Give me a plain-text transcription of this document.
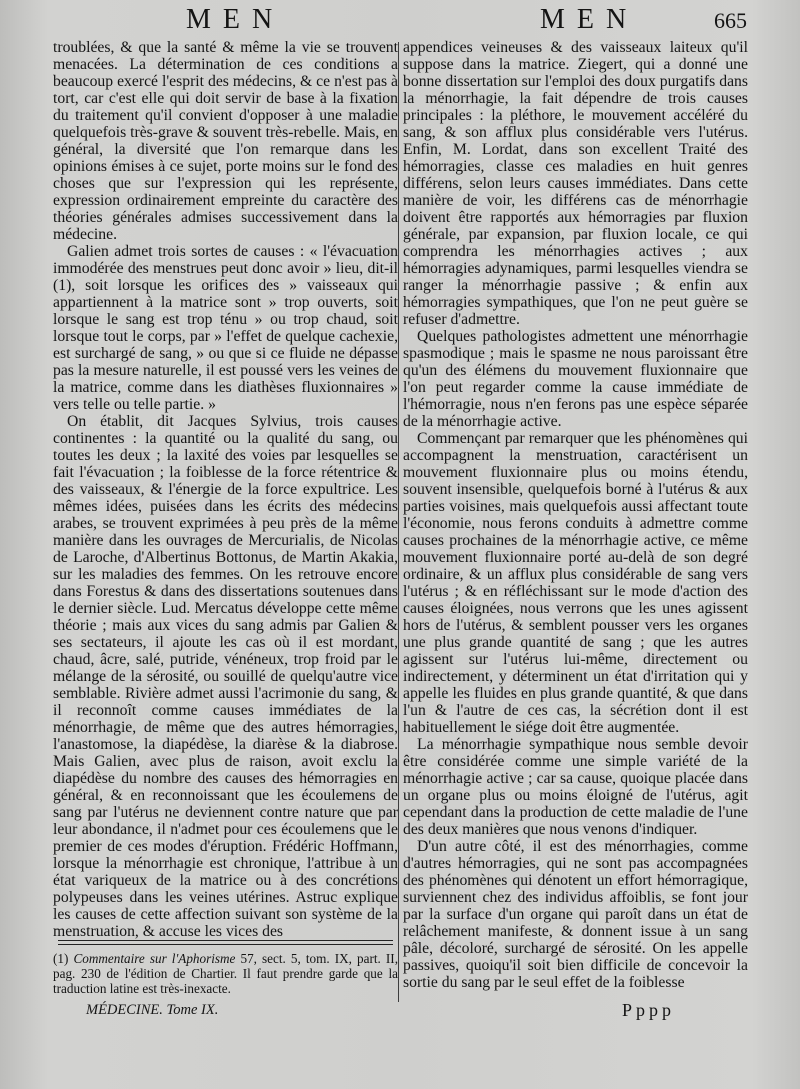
MEN	MEN	665

troublées, & que la santé & même la vie se trouvent menacées. La détermination de ces conditions a beaucoup exercé l'esprit des médecins, & ce n'est pas à tort, car c'est elle qui doit servir de base à la fixation du traitement qu'il convient d'opposer à une maladie quelquefois très-grave & souvent très-rebelle. Mais, en général, la diversité que l'on remarque dans les opinions émises à ce sujet, porte moins sur le fond des choses que sur l'expression qui les représente, expression ordinairement empreinte du caractère des théories générales admises successivement dans la médecine.

Galien admet trois sortes de causes : « l'évacuation immodérée des menstrues peut donc avoir » lieu, dit-il (1), soit lorsque les orifices des » vaisseaux qui appartiennent à la matrice sont » trop ouverts, soit lorsque le sang est trop ténu » ou trop chaud, soit lorsque tout le corps, par » l'effet de quelque cachexie, est surchargé de sang, » ou que si ce fluide ne dépasse pas la mesure naturelle, il est poussé vers les veines de la matrice, comme dans les diathèses fluxionnaires » vers telle ou telle partie. »

On établit, dit Jacques Sylvius, trois causes continentes : la quantité ou la qualité du sang, ou toutes les deux ; la laxité des voies par lesquelles se fait l'évacuation ; la foiblesse de la force rétentrice & des vaisseaux, & l'énergie de la force expultrice. Les mêmes idées, puisées dans les écrits des médecins arabes, se trouvent exprimées à peu près de la même manière dans les ouvrages de Mercurialis, de Nicolas de Laroche, d'Albertinus Bottonus, de Martin Akakia, sur les maladies des femmes. On les retrouve encore dans Forestus & dans des dissertations soutenues dans le dernier siècle. Lud. Mercatus développe cette même théorie ; mais aux vices du sang admis par Galien & ses sectateurs, il ajoute les cas où il est mordant, chaud, âcre, salé, putride, vénéneux, trop froid par le mélange de la sérosité, ou souillé de quelqu'autre vice semblable. Rivière admet aussi l'acrimonie du sang, & il reconnoît comme causes immédiates de la ménorrhagie, de même que des autres hémorragies, l'anastomose, la diapédèse, la diarèse & la diabrose. Mais Galien, avec plus de raison, avoit exclu la diapédèse du nombre des causes des hémorragies en général, & en reconnoissant que les écoulemens de sang par l'utérus ne deviennent contre nature que par leur abondance, il n'admet pour ces écoulemens que le premier de ces modes d'éruption. Frédéric Hoffmann, lorsque la ménorrhagie est chronique, l'attribue à un état variqueux de la matrice ou à des concrétions polypeuses dans les veines utérines. Astruc explique les causes de cette affection suivant son système de la menstruation, & accuse les vices des

appendices veineuses & des vaisseaux laiteux qu'il suppose dans la matrice. Ziegert, qui a donné une bonne dissertation sur l'emploi des doux purgatifs dans la ménorrhagie, la fait dépendre de trois causes principales : la pléthore, le mouvement accéléré du sang, & son afflux plus considérable vers l'utérus. Enfin, M. Lordat, dans son excellent Traité des hémorragies, classe ces maladies en huit genres différens, selon leurs causes immédiates. Dans cette manière de voir, les différens cas de ménorrhagie doivent être rapportés aux hémorragies par fluxion générale, par expansion, par fluxion locale, ce qui comprendra les ménorrhagies actives ; aux hémorragies adynamiques, parmi lesquelles viendra se ranger la ménorrhagie passive ; & enfin aux hémorragies sympathiques, que l'on ne peut guère se refuser d'admettre.

Quelques pathologistes admettent une ménorrhagie spasmodique ; mais le spasme ne nous paroissant être qu'un des élémens du mouvement fluxionnaire que l'on peut regarder comme la cause immédiate de l'hémorragie, nous n'en ferons pas une espèce séparée de la ménorrhagie active.

Commençant par remarquer que les phénomènes qui accompagnent la menstruation, caractérisent un mouvement fluxionnaire plus ou moins étendu, souvent insensible, quelquefois borné à l'utérus & aux parties voisines, mais quelquefois aussi affectant toute l'économie, nous ferons conduits à admettre comme causes prochaines de la ménorrhagie active, ce même mouvement fluxionnaire porté au-delà de son degré ordinaire, & un afflux plus considérable de sang vers l'utérus ; & en réfléchissant sur le mode d'action des causes éloignées, nous verrons que les unes agissent hors de l'utérus, & semblent pousser vers les organes une plus grande quantité de sang ; que les autres agissent sur l'utérus lui-même, directement ou indirectement, y déterminent un état d'irritation qui y appelle les fluides en plus grande quantité, & que dans l'un & l'autre de ces cas, la sécrétion dont il est habituellement le siége doit être augmentée.

La ménorrhagie sympathique nous semble devoir être considérée comme une simple variété de la ménorrhagie active ; car sa cause, quoique placée dans un organe plus ou moins éloigné de l'utérus, agit cependant dans la production de cette maladie de l'une des deux manières que nous venons d'indiquer.

D'un autre côté, il est des ménorrhagies, comme d'autres hémorragies, qui ne sont pas accompagnées des phénomènes qui dénotent un effort hémorragique, surviennent chez des individus affoiblis, se font jour par la surface d'un organe qui paroît dans un état de relâchement manifeste, & donnent issue à un sang pâle, décoloré, surchargé de sérosité. On les appelle passives, quoiqu'il soit bien difficile de concevoir la sortie du sang par le seul effet de la foiblesse

(1) Commentaire sur l'Aphorisme 57, sect. 5, tom. IX, part. II, pag. 230 de l'édition de Chartier. Il faut prendre garde que la traduction latine est très-inexacte.
MÉDECINE. Tome IX.	Pppp
